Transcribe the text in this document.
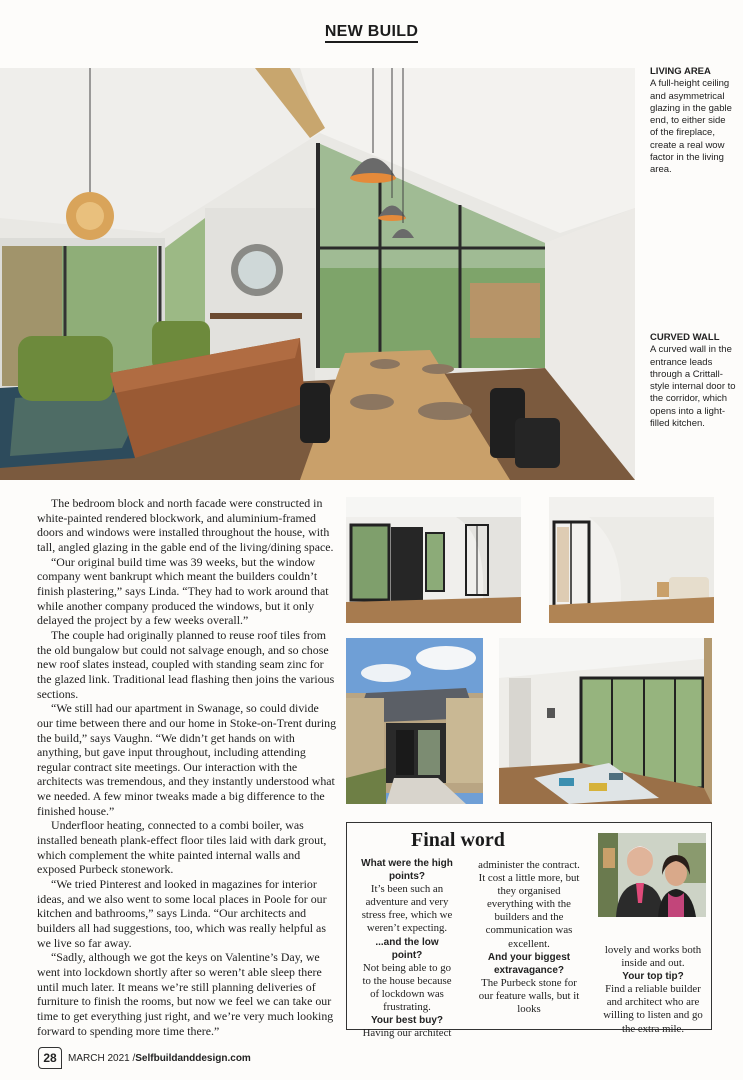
NEW BUILD
LIVING AREA
A full-height ceiling and asymmetrical glazing in the gable end, to either side of the fireplace, create a real wow factor in the living area.
CURVED WALL
A curved wall in the entrance leads through a Crittall-style internal door to the corridor, which opens into a light-filled kitchen.

The bedroom block and north facade were constructed in white-painted rendered blockwork, and aluminium-framed doors and windows were installed throughout the house, with tall, angled glazing in the gable end of the living/dining space.

“Our original build time was 39 weeks, but the window company went bankrupt which meant the builders couldn’t finish plastering,” says Linda. “They had to work around that while another company produced the windows, but it only delayed the project by a few weeks overall.”

The couple had originally planned to reuse roof tiles from the old bungalow but could not salvage enough, and so chose new roof slates instead, coupled with standing seam zinc for the glazed link. Traditional lead flashing then joins the various sections.

“We still had our apartment in Swanage, so could divide our time between there and our home in Stoke-on-Trent during the build,” says Vaughn. “We didn’t get hands on with anything, but gave input throughout, including attending regular contract site meetings. Our interaction with the architects was tremendous, and they instantly understood what we needed. A few minor tweaks made a big difference to the finished house.”

Underfloor heating, connected to a combi boiler, was installed beneath plank-effect floor tiles laid with dark grout, which complement the white painted internal walls and exposed Purbeck stonework.

“We tried Pinterest and looked in magazines for interior ideas, and we also went to some local places in Poole for our kitchen and bathrooms,” says Linda. “Our architects and builders all had suggestions, too, which was really helpful as we live so far away.

“Sadly, although we got the keys on Valentine’s Day, we went into lockdown shortly after so weren’t able sleep there until much later. It means we’re still planning deliveries of furniture to finish the rooms, but now we feel we can take our time to get everything just right, and we’re very much looking forward to spending more time there.”

Final word
What were the high points?
It’s been such an adventure and very stress free, which we weren’t expecting.
...and the low point?
Not being able to go to the house because of lockdown was frustrating.
Your best buy?
Having our architect
administer the contract. It cost a little more, but they organised everything with the builders and the communication was excellent.
And your biggest extravagance?
The Purbeck stone for our feature walls, but it looks
lovely and works both inside and out.
Your top tip?
Find a reliable builder and architect who are willing to listen and go the extra mile.
28	MARCH 2021 / Selfbuildanddesign.com
